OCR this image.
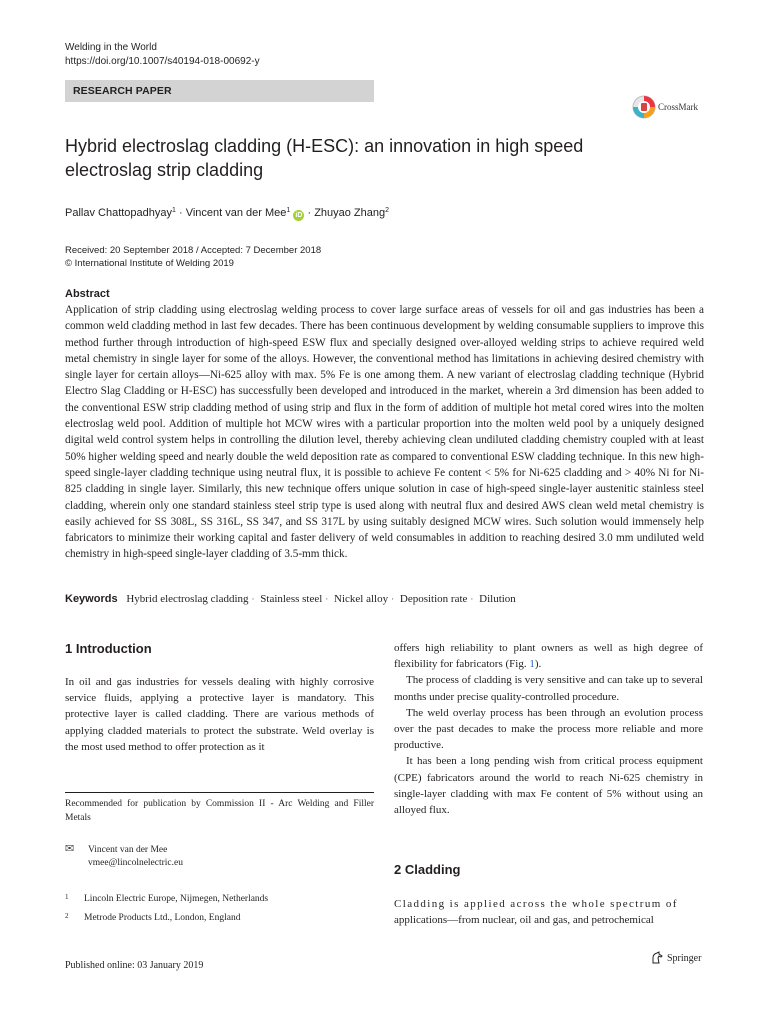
Welding in the World
https://doi.org/10.1007/s40194-018-00692-y
RESEARCH PAPER
CrossMark
Hybrid electroslag cladding (H-ESC): an innovation in high speed electroslag strip cladding
Pallav Chattopadhyay$^1$ · Vincent van der Mee$^1$ iD · Zhuyao Zhang$^2$
Received: 20 September 2018 / Accepted: 7 December 2018
© International Institute of Welding 2019
Abstract

Application of strip cladding using electroslag welding process to cover large surface areas of vessels for oil and gas industries has been a common weld cladding method in last few decades. There has been continuous development by welding consumable suppliers to improve this method further through introduction of high-speed ESW flux and specially designed over-alloyed welding strips to achieve required weld metal chemistry in single layer for some of the alloys. However, the conventional method has limitations in achieving desired chemistry with single layer for certain alloys—Ni-625 alloy with max. 5% Fe is one among them. A new variant of electroslag cladding technique (Hybrid Electro Slag Cladding or H-ESC) has successfully been developed and introduced in the market, wherein a 3rd dimension has been added to the conventional ESW strip cladding method of using strip and flux in the form of addition of multiple hot metal cored wires into the molten electroslag weld pool. Addition of multiple hot MCW wires with a particular proportion into the molten weld pool by a uniquely designed digital weld control system helps in controlling the dilution level, thereby achieving clean undiluted cladding chemistry coupled with at least 50% higher welding speed and nearly double the weld deposition rate as compared to conventional ESW cladding technique. In this new high-speed single-layer cladding technique using neutral flux, it is possible to achieve Fe content < 5% for Ni-625 cladding and > 40% Ni for Ni-825 cladding in single layer. Similarly, this new technique offers unique solution in case of high-speed single-layer austenitic stainless steel cladding, wherein only one standard stainless steel strip type is used along with neutral flux and desired AWS clean weld metal chemistry is easily achieved for SS 308L, SS 316L, SS 347, and SS 317L by using suitably designed MCW wires. Such solution would immensely help fabricators to minimize their working capital and faster delivery of weld consumables in addition to reaching desired 3.0 mm undiluted weld chemistry in high-speed single-layer cladding of 3.5-mm thick.

Keywords Hybrid electroslag cladding · Stainless steel · Nickel alloy · Deposition rate · Dilution
1 Introduction

In oil and gas industries for vessels dealing with highly corrosive service fluids, applying a protective layer is mandatory. This protective layer is called cladding. There are various methods of applying cladded materials to protect the substrate. Weld overlay is the most used method to offer protection as it

Recommended for publication by Commission II - Arc Welding and Filler Metals

✉ Vincent van der Mee
vmee@lincolnelectric.eu
1 Lincoln Electric Europe, Nijmegen, Netherlands
2 Metrode Products Ltd., London, England
Published online: 03 January 2019

offers high reliability to plant owners as well as high degree of flexibility for fabricators (Fig. 1).

The process of cladding is very sensitive and can take up to several months under precise quality-controlled procedure.

The weld overlay process has been through an evolution process over the past decades to make the process more reliable and more productive.

It has been a long pending wish from critical process equipment (CPE) fabricators around the world to reach Ni-625 chemistry in single-layer cladding with max Fe content of 5% without using an alloyed flux.

2 Cladding

Cladding is applied across the whole spectrum of
applications—from nuclear, oil and gas, and petrochemical

Springer
